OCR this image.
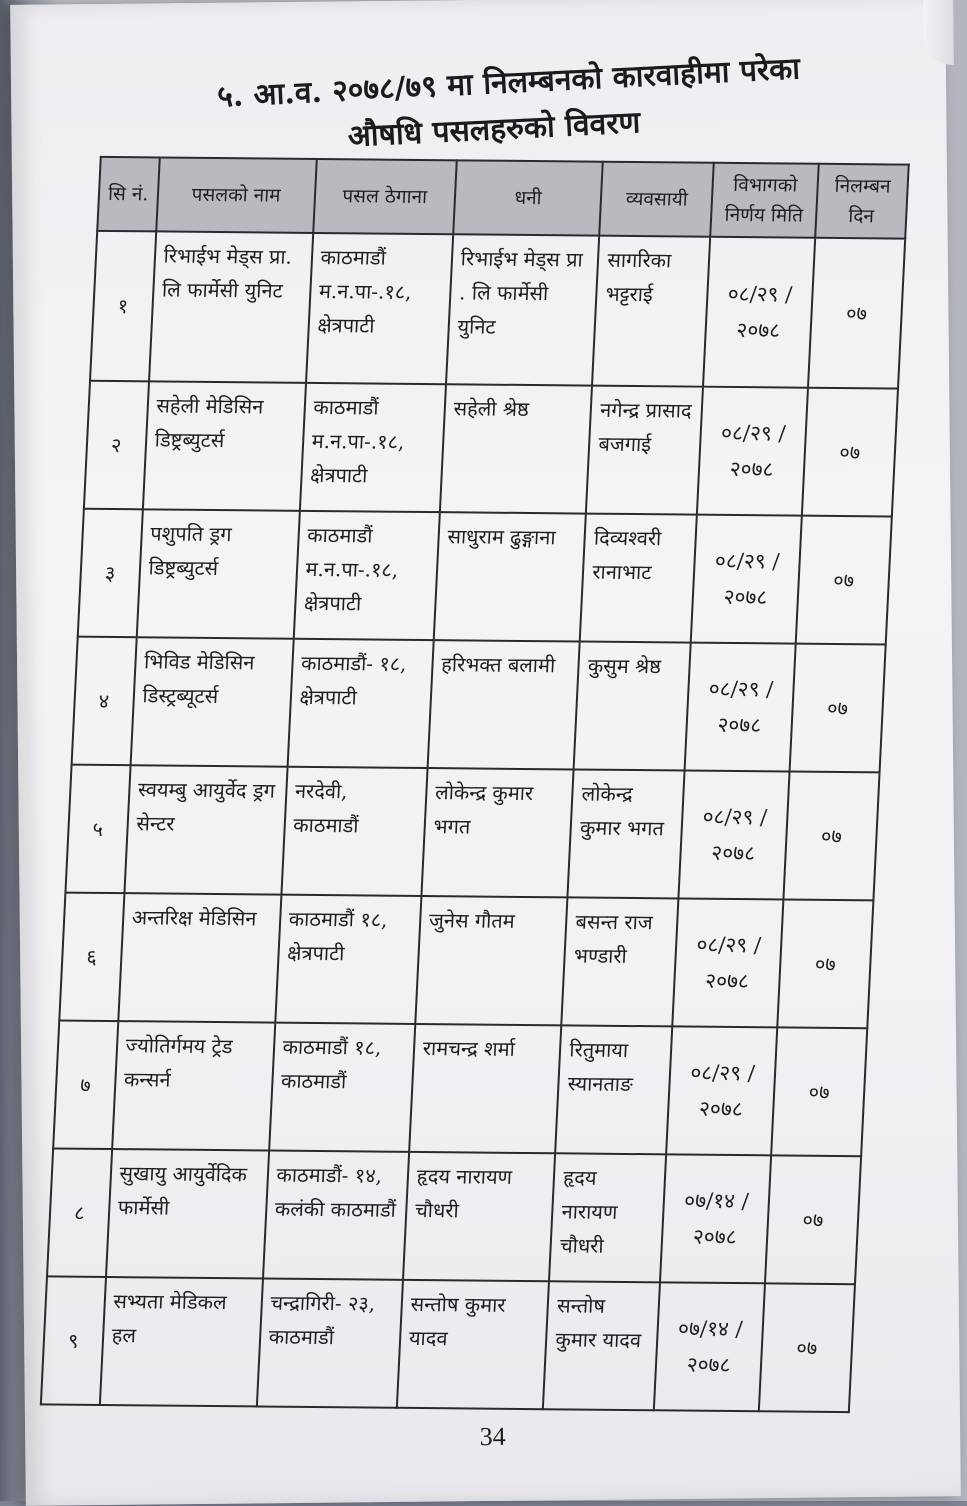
५. आ.व. २०७८/७९ मा निलम्बनको कारवाहीमा परेका
औषधि पसलहरुको विवरण
सि नं.	पसलको नाम	पसल ठेगाना	धनी	व्यवसायी	विभागको निर्णय मिति	निलम्बन दिन
१	रिभाईभ मेड्स प्रा. लि फार्मेसी युनिट	काठमाडौं म.न.पा-.१८, क्षेत्रपाटी	रिभाईभ मेड्स प्रा . लि फार्मेसी युनिट	सागरिका भट्टराई	०८/२९ /२०७८	०७
२	सहेली मेडिसिन डिष्ट्रब्युटर्स	काठमाडौं म.न.पा-.१८, क्षेत्रपाटी	सहेली श्रेष्ठ	नगेन्द्र प्रासाद बजगाई	०८/२९ /२०७८	०७
३	पशुपति ड्रग डिष्ट्रब्युटर्स	काठमाडौं म.न.पा-.१८, क्षेत्रपाटी	साधुराम ढुङ्गाना	दिव्यश्वरी रानाभाट	०८/२९ /२०७८	०७
४	भिविड मेडिसिन डिस्ट्रब्यूटर्स	काठमाडौं- १८, क्षेत्रपाटी	हरिभक्त बलामी	कुसुम श्रेष्ठ	०८/२९ /२०७८	०७
५	स्वयम्बु आयुर्वेद ड्रग सेन्टर	नरदेवी, काठमाडौं	लोकेन्द्र कुमार भगत	लोकेन्द्र कुमार भगत	०८/२९ /२०७८	०७
६	अन्तरिक्ष मेडिसिन	काठमाडौं १८, क्षेत्रपाटी	जुनेस गौतम	बसन्त राज भण्डारी	०८/२९ /२०७८	०७
७	ज्योतिर्गमय ट्रेड कन्सर्न	काठमाडौं १८, काठमाडौं	रामचन्द्र शर्मा	रितुमाया स्यानताङ	०८/२९ /२०७८	०७
८	सुखायु आयुर्वेदिक फार्मेसी	काठमाडौं- १४, कलंकी काठमाडौं	हृदय नारायण चौधरी	हृदय नारायण चौधरी	०७/१४ /२०७८	०७
९	सभ्यता मेडिकल हल	चन्द्रागिरी- २३, काठमाडौं	सन्तोष कुमार यादव	सन्तोष कुमार यादव	०७/१४ /२०७८	०७

34
